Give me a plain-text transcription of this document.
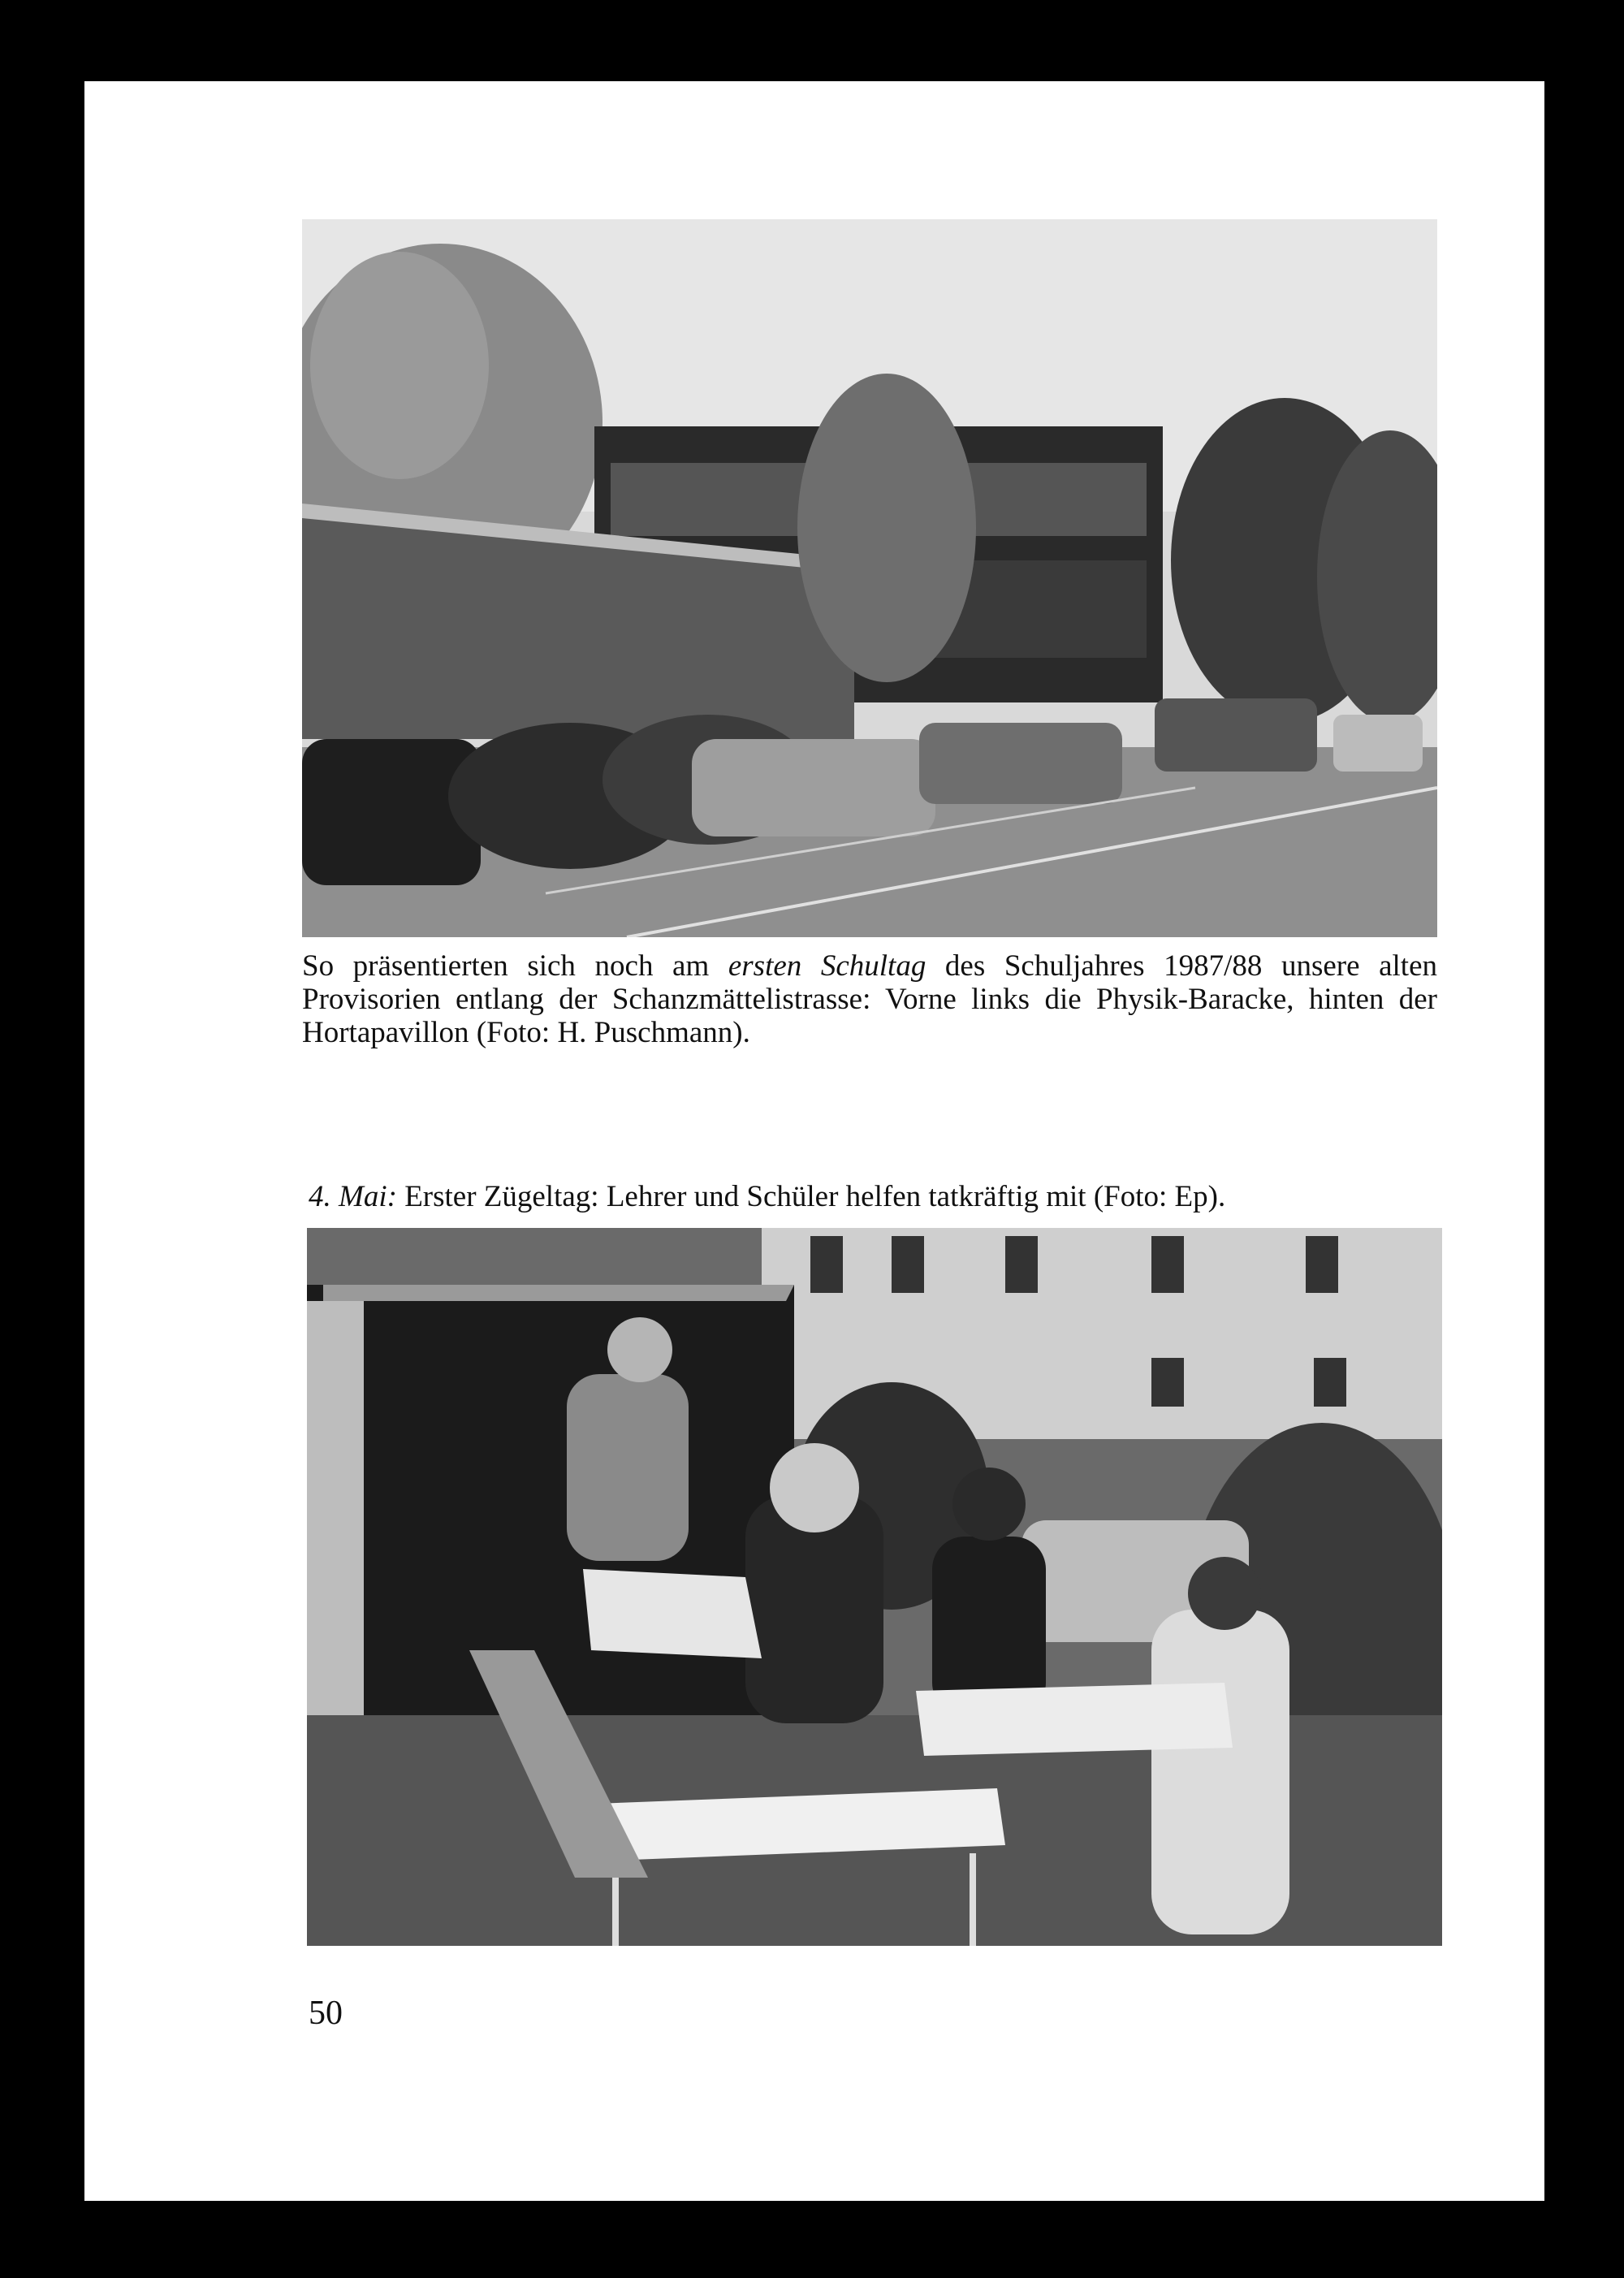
So präsentierten sich noch am ersten Schultag des Schuljahres 1987/88 unsere alten Provisorien entlang der Schanzmättelistrasse: Vorne links die Physik-Baracke, hinten der Hortapavillon (Foto: H. Puschmann).
4. Mai: Erster Zügeltag: Lehrer und Schüler helfen tatkräftig mit (Foto: Ep).
50
